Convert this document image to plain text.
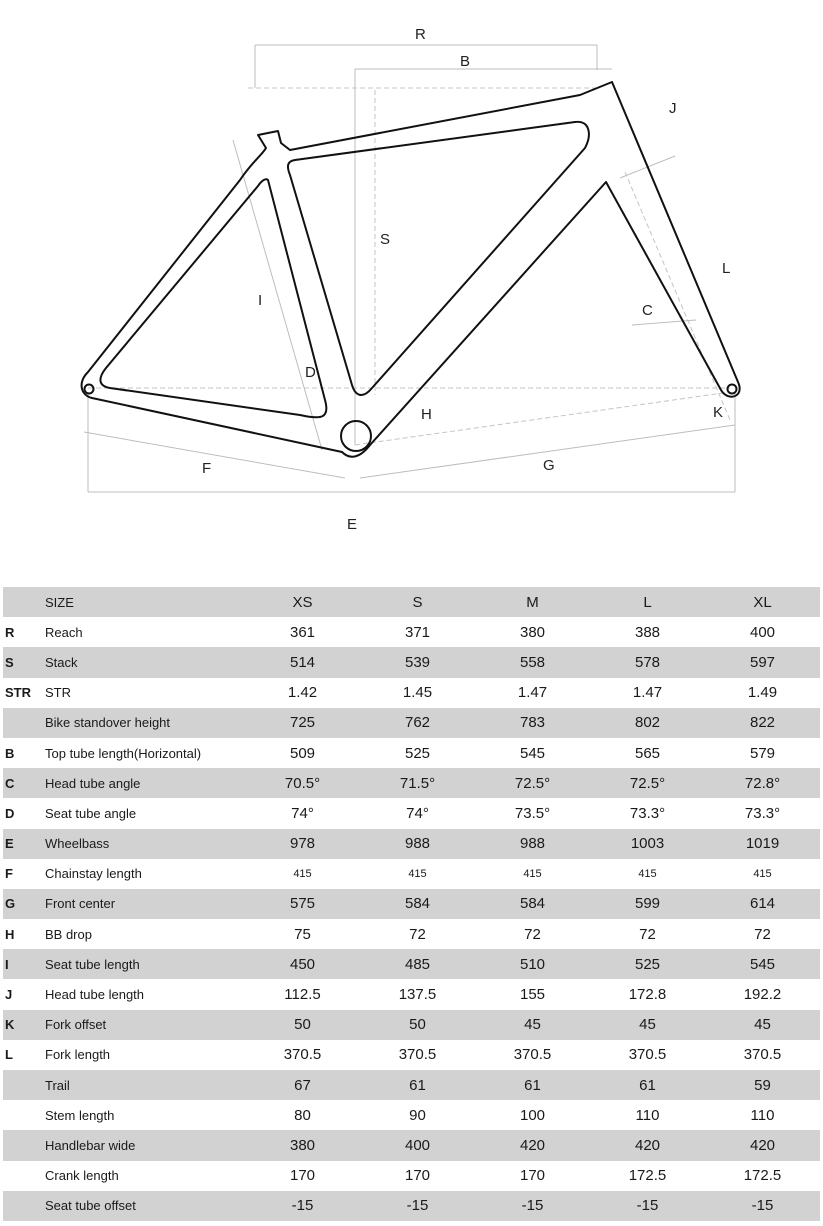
R
B
J
S
L
I
C
D
H	K
F	G
E
	SIZE	XS	S	M	L	XL
R	Reach	361	371	380	388	400
S	Stack	514	539	558	578	597
STR	STR	1.42	1.45	1.47	1.47	1.49
	Bike standover height	725	762	783	802	822
B	Top tube length(Horizontal)	509	525	545	565	579
C	Head tube angle	70.5°	71.5°	72.5°	72.5°	72.8°
D	Seat tube angle	74°	74°	73.5°	73.3°	73.3°
E	Wheelbass	978	988	988	1003	1019
F	Chainstay length	415	415	415	415	415
G	Front center	575	584	584	599	614
H	BB drop	75	72	72	72	72
I	Seat tube length	450	485	510	525	545
J	Head tube length	112.5	137.5	155	172.8	192.2
K	Fork offset	50	50	45	45	45
L	Fork length	370.5	370.5	370.5	370.5	370.5
	Trail	67	61	61	61	59
	Stem length	80	90	100	110	110
	Handlebar wide	380	400	420	420	420
	Crank length	170	170	170	172.5	172.5
	Seat tube offset	-15	-15	-15	-15	-15
